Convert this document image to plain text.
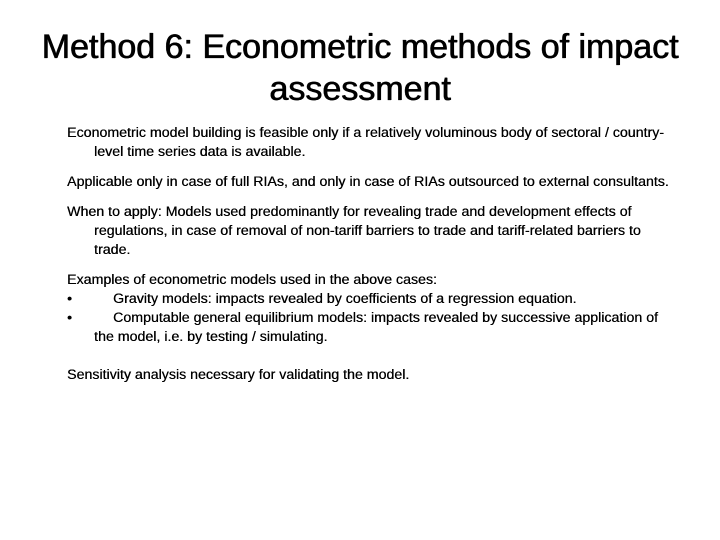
Method 6: Econometric methods of impact assessment

Econometric model building is feasible only if a relatively voluminous body of sectoral / country-level time series data is available.

Applicable only in case of full RIAs, and only in case of RIAs outsourced to external consultants.

When to apply: Models used predominantly for revealing trade and development effects of regulations, in case of removal of non-tariff barriers to trade and tariff-related barriers to trade.

Examples of econometric models used in the above cases:
•	Gravity models: impacts revealed by coefficients of a regression equation.
•	Computable general equilibrium models: impacts revealed by successive application of the model, i.e. by testing / simulating.

Sensitivity analysis necessary for validating the model.
